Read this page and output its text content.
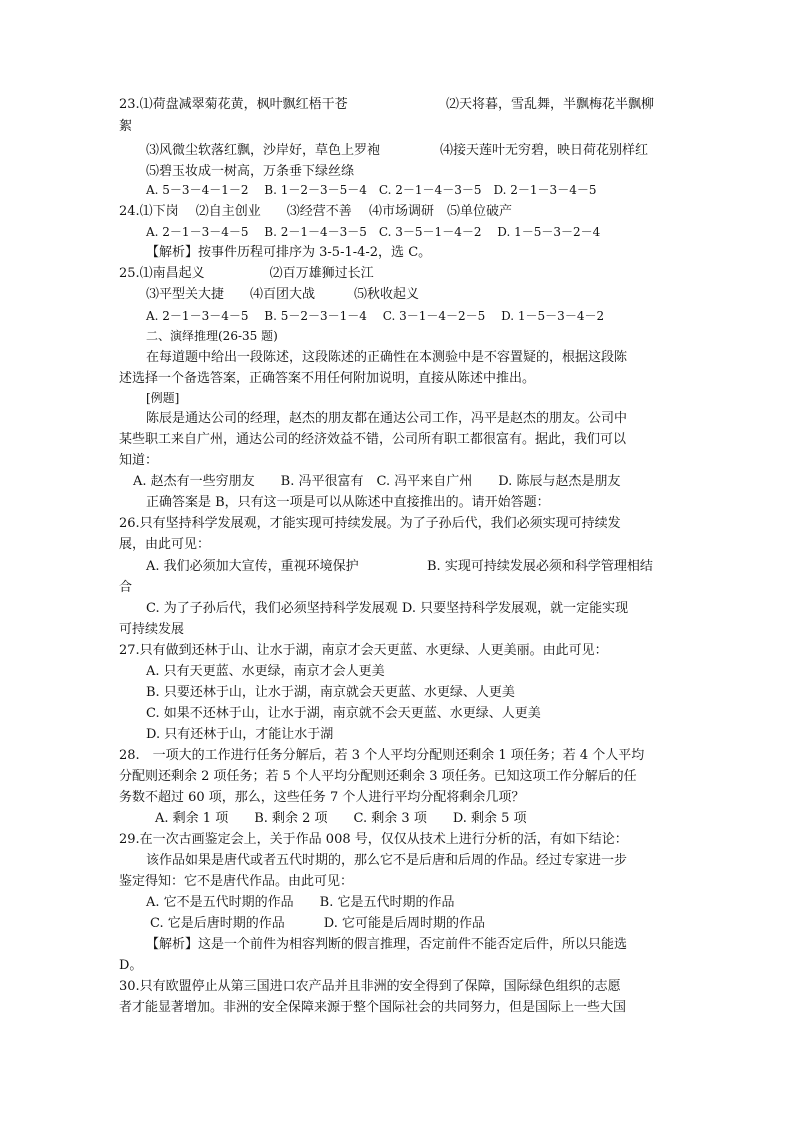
23.⑴荷盘减翠菊花黄，枫叶飘红梧干苍	⑵天将暮，雪乱舞，半飘梅花半飘柳
絮
⑶风微尘软落红飘，沙岸好，草色上罗袍	⑷接天莲叶无穷碧，映日荷花别样红
⑸碧玉妆成一树高，万条垂下绿丝绦
A. 5－3－4－1－2　 B. 1－2－3－5－4　C. 2－1－4－3－5　D. 2－1－3－4－5
24.⑴下岗　 ⑵自主创业　　⑶经营不善　 ⑷市场调研　⑸单位破产
A. 2－1－3－4－5　 B. 2－1－4－3－5　C. 3－5－1－4－2　 D. 1－5－3－2－4
【解析】按事件历程可排序为 3-5-1-4-2，选 C。
25.⑴南昌起义　　　　　⑵百万雄狮过长江
⑶平型关大捷　　⑷百团大战　　　⑸秋收起义
A. 2－1－3－4－5　 B. 5－2－3－1－4　 C. 3－1－4－2－5　 D. 1－5－3－4－2
二、演绎推理(26-35 题)
在每道题中给出一段陈述，这段陈述的正确性在本测验中是不容置疑的，根据这段陈
述选择一个备选答案，正确答案不用任何附加说明，直接从陈述中推出。
[例题]
陈辰是通达公司的经理，赵杰的朋友都在通达公司工作，冯平是赵杰的朋友。公司中
某些职工来自广州，通达公司的经济效益不错，公司所有职工都很富有。据此，我们可以
知道：
A. 赵杰有一些穷朋友　　B. 冯平很富有　C. 冯平来自广州　　D. 陈辰与赵杰是朋友
正确答案是 B，只有这一项是可以从陈述中直接推出的。请开始答题：
26.只有坚持科学发展观，才能实现可持续发展。为了子孙后代，我们必须实现可持续发
展，由此可见：
A. 我们必须加大宣传，重视环境保护	B. 实现可持续发展必须和科学管理相结
合
C. 为了子孙后代，我们必须坚持科学发展观 D. 只要坚持科学发展观，就一定能实现
可持续发展
27.只有做到还林于山、让水于湖，南京才会天更蓝、水更绿、人更美丽。由此可见：
A. 只有天更蓝、水更绿，南京才会人更美
B. 只要还林于山，让水于湖，南京就会天更蓝、水更绿、人更美
C. 如果不还林于山，让水于湖，南京就不会天更蓝、水更绿、人更美
D. 只有还林于山，才能让水于湖
28.　一项大的工作进行任务分解后，若 3 个人平均分配则还剩余 1 项任务；若 4 个人平均
分配则还剩余 2 项任务；若 5 个人平均分配则还剩余 3 项任务。已知这项工作分解后的任
务数不超过 60 项，那么，这些任务 7 个人进行平均分配将剩余几项？
A. 剩余 1 项　　B. 剩余 2 项　　C. 剩余 3 项　　D. 剩余 5 项
29.在一次古画鉴定会上，关于作品 008 号，仅仅从技术上进行分析的活，有如下结论：
该作品如果是唐代或者五代时期的，那么它不是后唐和后周的作品。经过专家进一步
鉴定得知：它不是唐代作品。由此可见：
A. 它不是五代时期的作品　　B. 它是五代时期的作品
C. 它是后唐时期的作品　　　D. 它可能是后周时期的作品
【解析】这是一个前件为相容判断的假言推理，否定前件不能否定后件，所以只能选
D。
30.只有欧盟停止从第三国进口农产品并且非洲的安全得到了保障，国际绿色组织的志愿
者才能显著增加。非洲的安全保障来源于整个国际社会的共同努力，但是国际上一些大国
